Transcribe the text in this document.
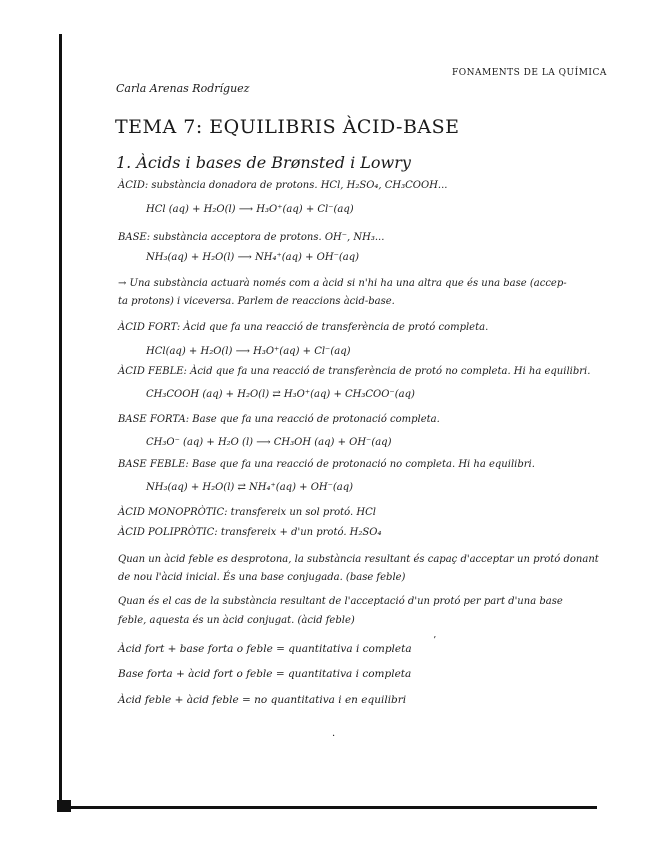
Carla Arenas Rodríguez
FONAMENTS DE LA QUÍMICA
TEMA 7: EQUILIBRIS ÀCID-BASE
1. Àcids i bases de Brønsted i Lowry
ÀCID: substància donadora de protons. HCl, H₂SO₄, CH₃COOH...
HCl (aq) + H₂O(l) ⟶ H₃O⁺(aq) + Cl⁻(aq)
BASE: substància acceptora de protons. OH⁻, NH₃...
NH₃(aq) + H₂O(l) ⟶ NH₄⁺(aq) + OH⁻(aq)
→ Una substància actuarà només com a àcid si n'hi ha una altra que és una base (accep-
ta protons) i viceversa. Parlem de reaccions àcid-base.
ÀCID FORT: Àcid que fa una reacció de transferència de protó completa.
HCl(aq) + H₂O(l) ⟶ H₃O⁺(aq) + Cl⁻(aq)
ÀCID FEBLE: Àcid que fa una reacció de transferència de protó no completa. Hi ha equilibri.
CH₃COOH (aq) + H₂O(l) ⇄ H₃O⁺(aq) + CH₃COO⁻(aq)
BASE FORTA: Base que fa una reacció de protonació completa.
CH₃O⁻ (aq) + H₂O (l) ⟶ CH₃OH (aq) + OH⁻(aq)
BASE FEBLE: Base que fa una reacció de protonació no completa. Hi ha equilibri.
NH₃(aq) + H₂O(l) ⇄ NH₄⁺(aq) + OH⁻(aq)
ÀCID MONOPRÒTIC: transfereix un sol protó. HCl
ÀCID POLIPRÒTIC: transfereix + d'un protó. H₂SO₄
Quan un àcid feble es desprotona, la substància resultant és capaç d'acceptar un protó donant
de nou l'àcid inicial. És una base conjugada. (base feble)
Quan és el cas de la substància resultant de l'acceptació d'un protó per part d'una base
feble, aquesta és un àcid conjugat. (àcid feble)
ʼ
Àcid fort + base forta o feble = quantitativa i completa
Base forta + àcid fort o feble = quantitativa i completa
Àcid feble + àcid feble = no quantitativa i en equilibri
·
